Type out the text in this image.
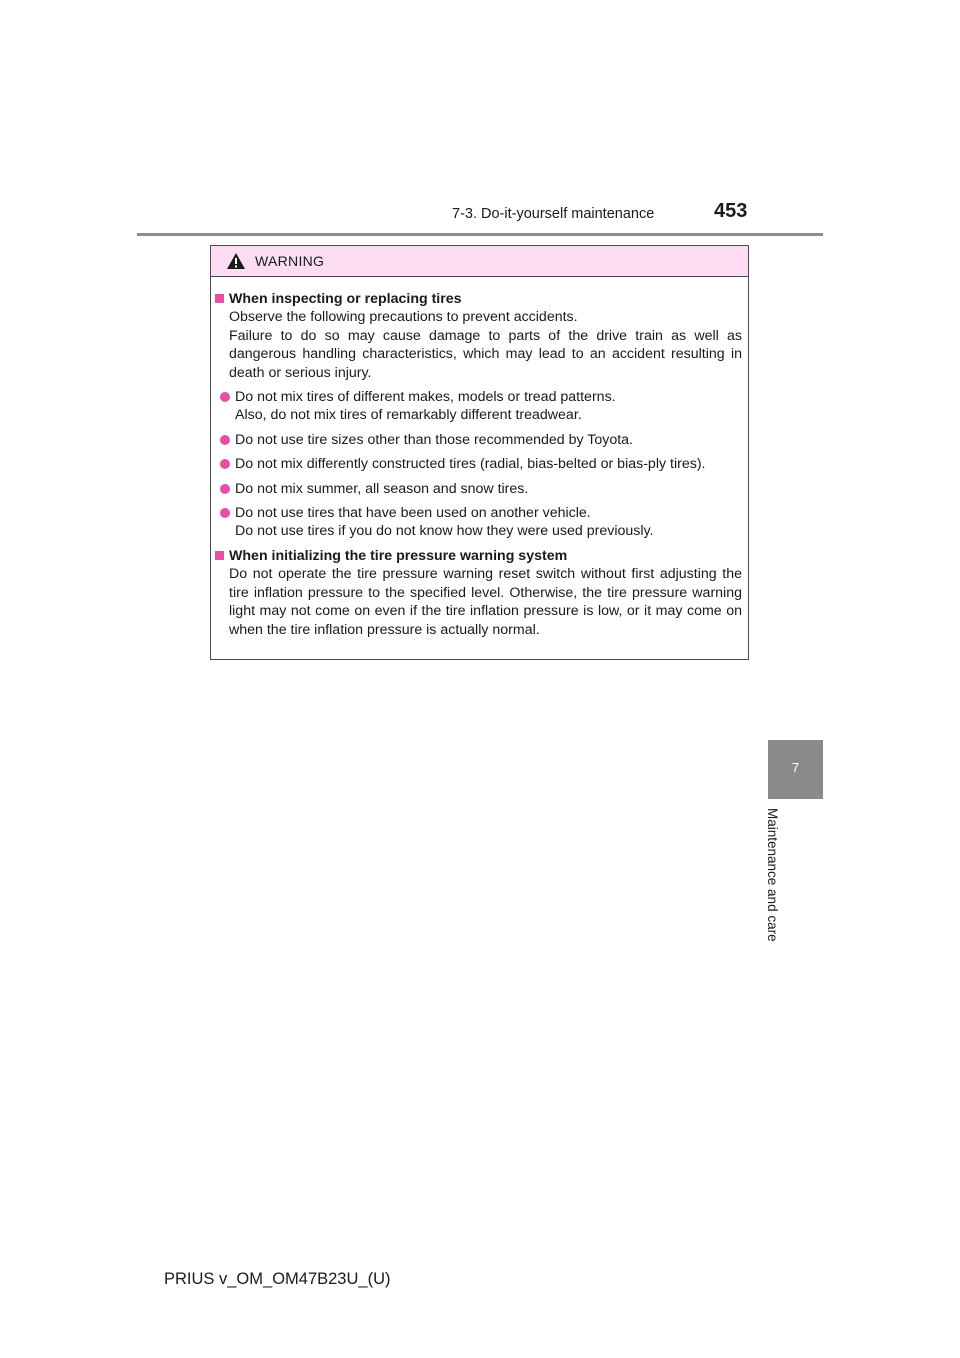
7-3. Do-it-yourself maintenance	453
WARNING
When inspecting or replacing tires
Observe the following precautions to prevent accidents.
Failure to do so may cause damage to parts of the drive train as well as dangerous handling characteristics, which may lead to an accident resulting in death or serious injury.
Do not mix tires of different makes, models or tread patterns.
Also, do not mix tires of remarkably different treadwear.
Do not use tire sizes other than those recommended by Toyota.
Do not mix differently constructed tires (radial, bias-belted or bias-ply tires).
Do not mix summer, all season and snow tires.
Do not use tires that have been used on another vehicle.
Do not use tires if you do not know how they were used previously.
When initializing the tire pressure warning system
Do not operate the tire pressure warning reset switch without first adjusting the tire inflation pressure to the specified level. Otherwise, the tire pressure warning light may not come on even if the tire inflation pressure is low, or it may come on when the tire inflation pressure is actually normal.
7
Maintenance and care
PRIUS v_OM_OM47B23U_(U)
